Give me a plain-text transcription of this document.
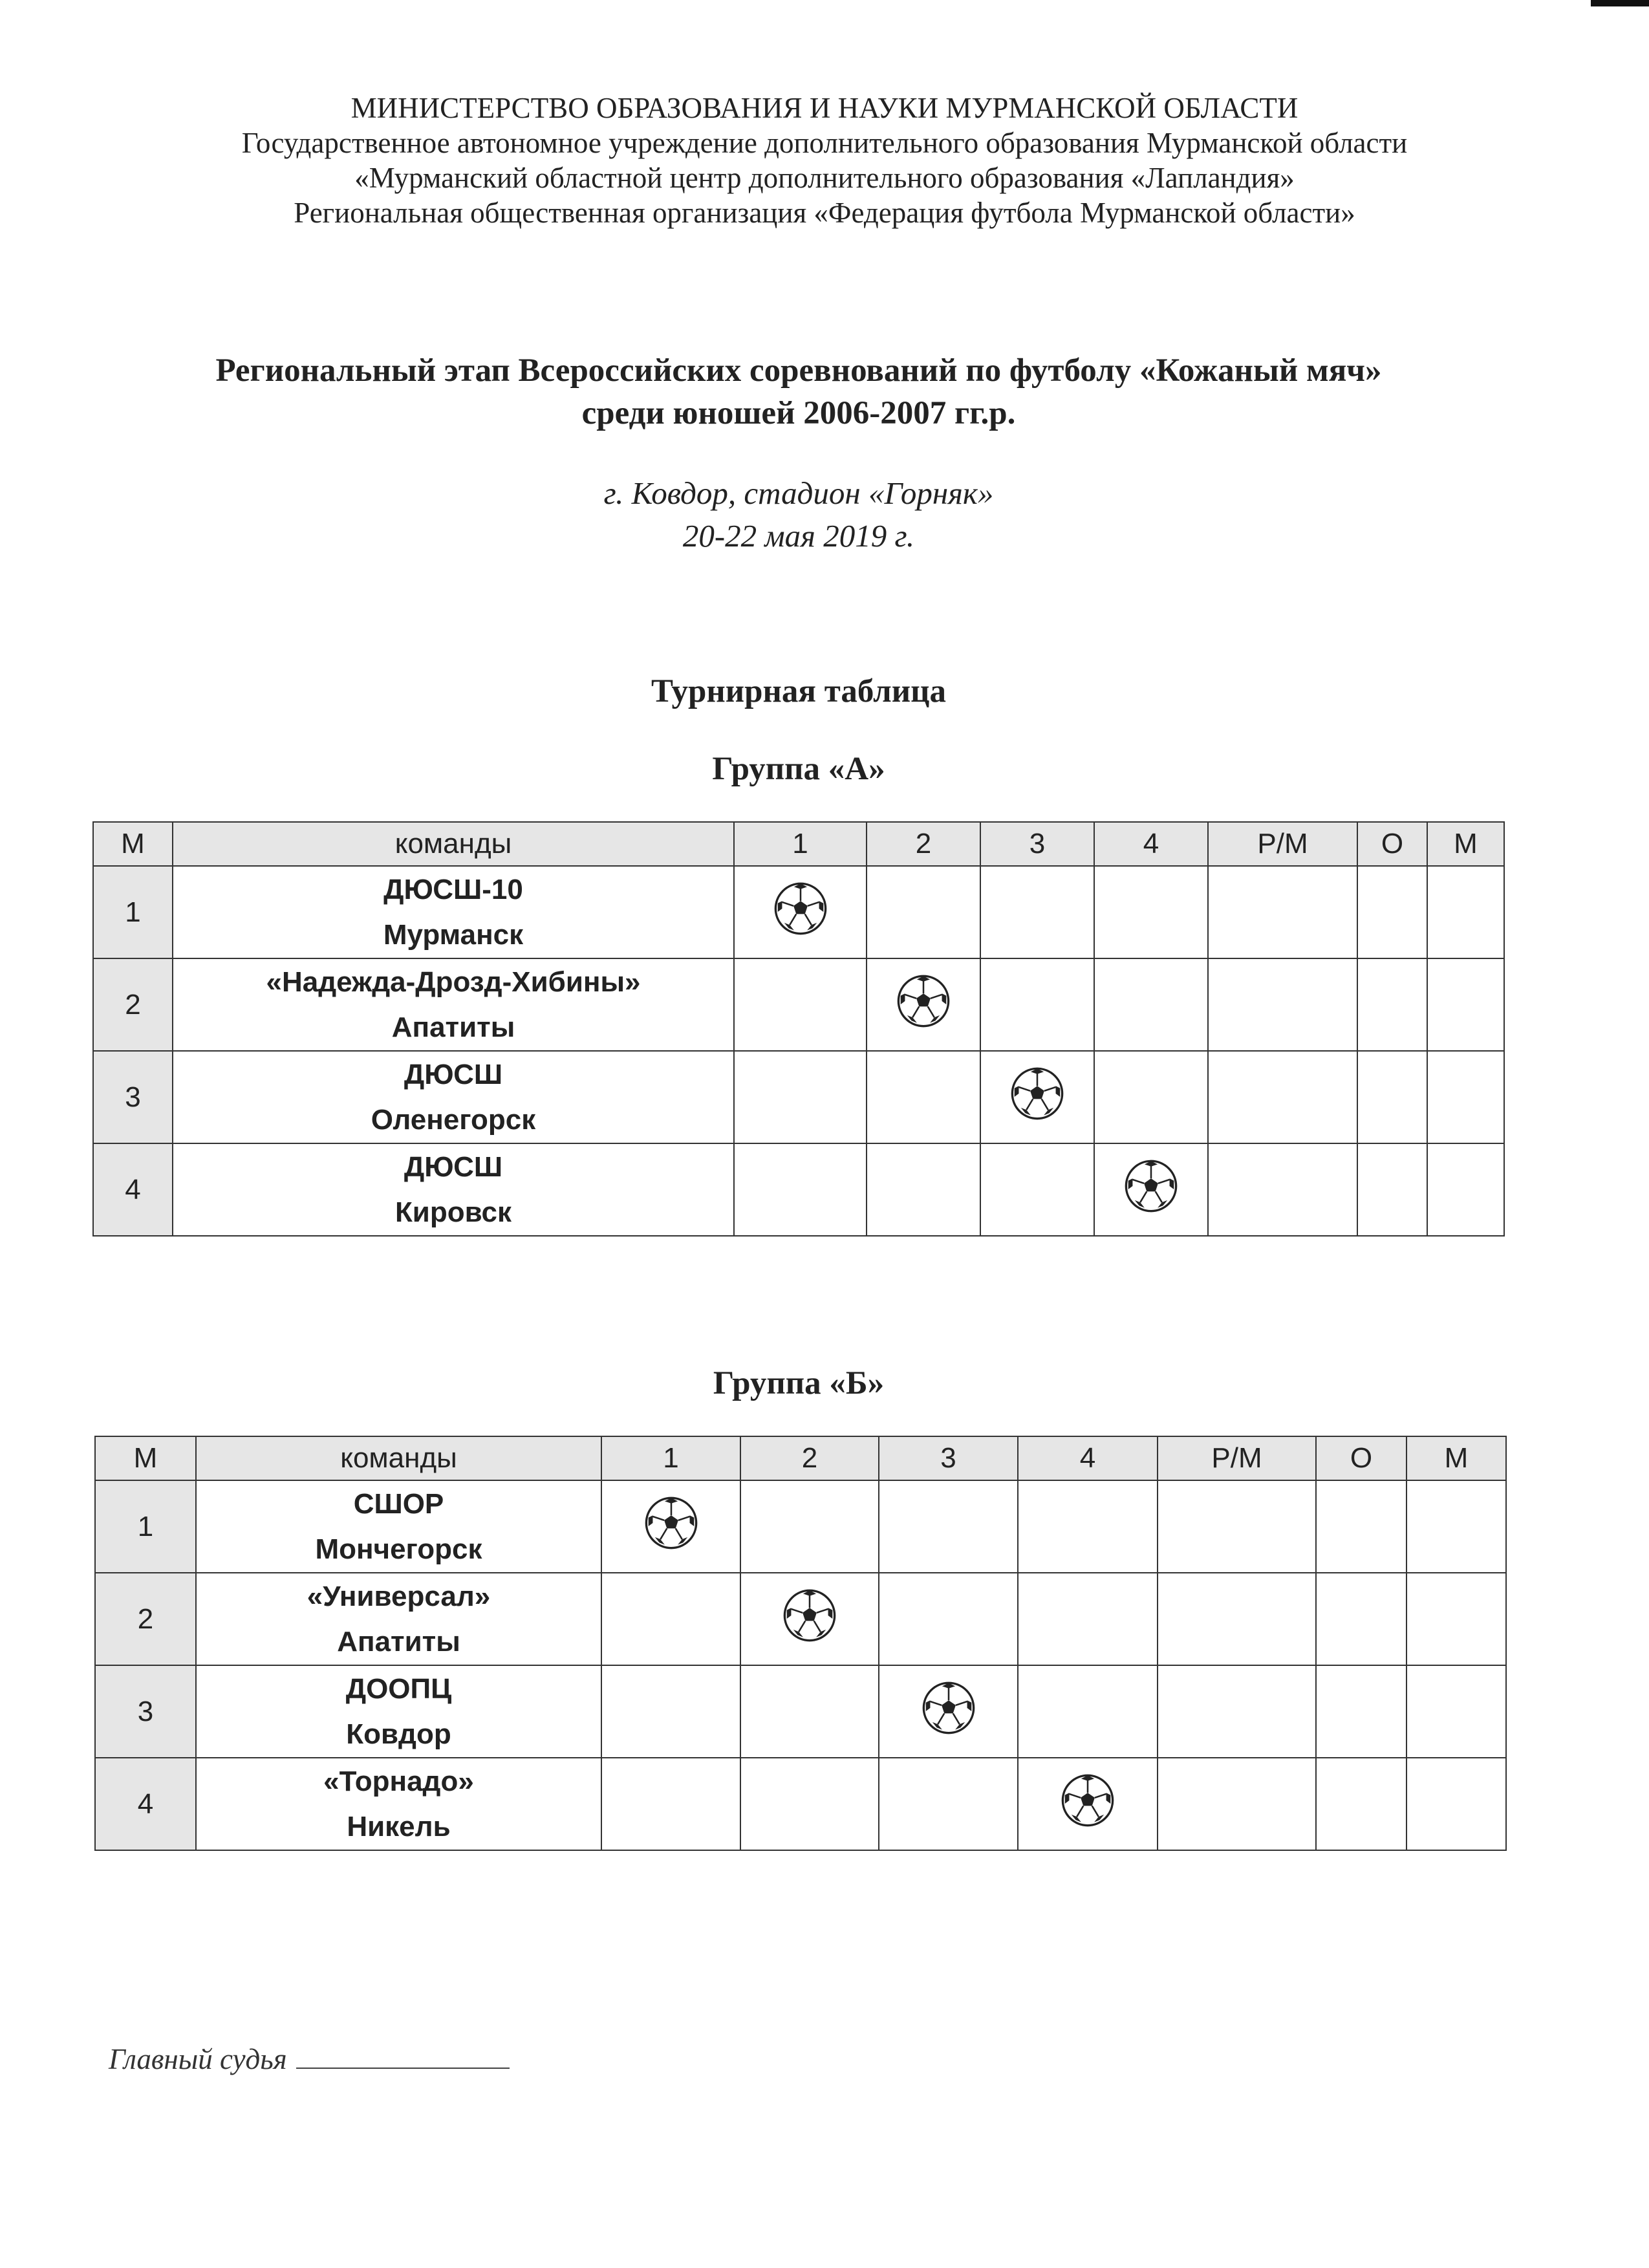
МИНИСТЕРСТВО ОБРАЗОВАНИЯ И НАУКИ МУРМАНСКОЙ ОБЛАСТИ
Государственное автономное учреждение дополнительного образования Мурманской области
«Мурманский областной центр дополнительного образования «Лапландия»
Региональная общественная организация «Федерация футбола Мурманской области»
Региональный этап Всероссийских соревнований по футболу «Кожаный мяч»
среди юношей 2006-2007 гг.р.
г. Ковдор, стадион «Горняк»
20-22 мая 2019 г.
Турнирная таблица
Группа «А»
М	команды	1	2	3	4	Р/М	О	М
1	ДЮСШ-10
Мурманск

2	«Надежда-Дрозд-Хибины»
Апатиты

3	ДЮСШ
Оленегорск

4	ДЮСШ
Кировск

Группа «Б»
М	команды	1	2	3	4	Р/М	О	М
1	СШОР
Мончегорск

2	«Универсал»
Апатиты

3	ДООПЦ
Ковдор

4	«Торнадо»
Никель

Главный судья
